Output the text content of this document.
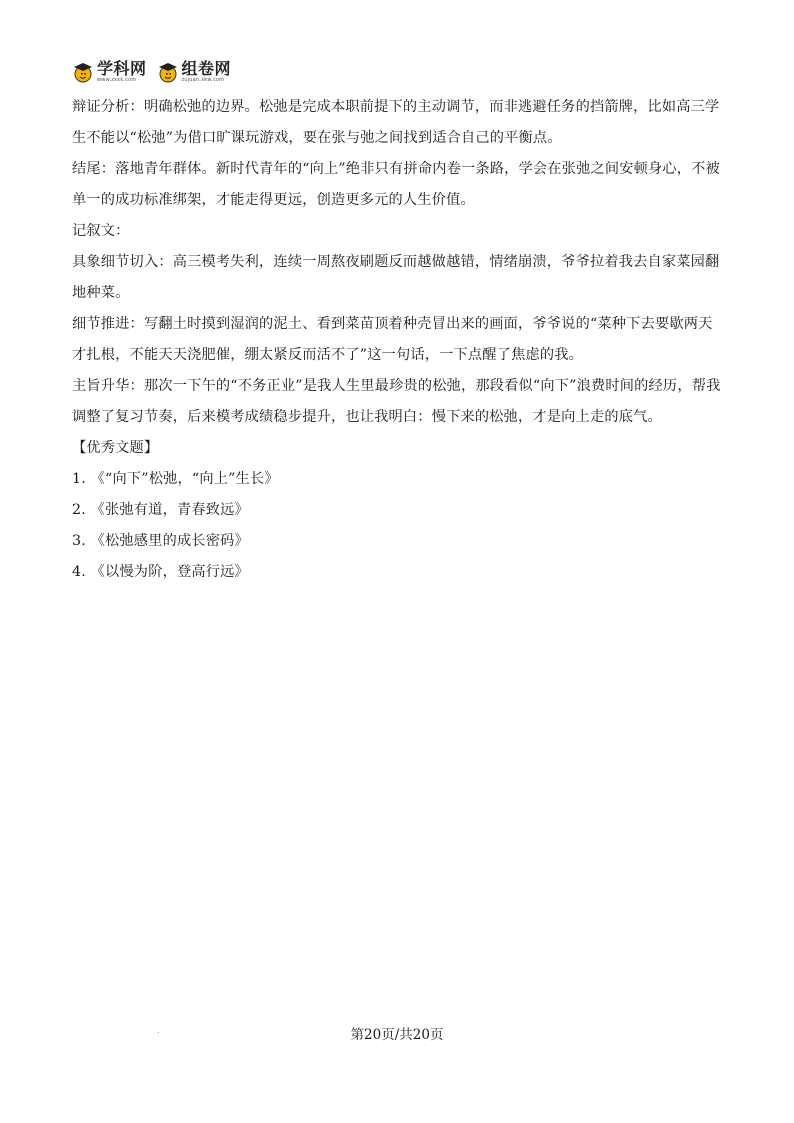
学科网
www.zxxk.com
组卷网
zujuan.xkw.com

辩证分析：明确松弛的边界。松弛是完成本职前提下的主动调节，而非逃避任务的挡箭牌，比如高三学生不能以“松弛”为借口旷课玩游戏，要在张与弛之间找到适合自己的平衡点。

结尾：落地青年群体。新时代青年的“向上”绝非只有拼命内卷一条路，学会在张弛之间安顿身心，不被单一的成功标准绑架，才能走得更远，创造更多元的人生价值。

记叙文：

具象细节切入：高三模考失利，连续一周熬夜刷题反而越做越错，情绪崩溃，爷爷拉着我去自家菜园翻地种菜。

细节推进：写翻土时摸到湿润的泥土、看到菜苗顶着种壳冒出来的画面，爷爷说的“菜种下去要歇两天才扎根，不能天天浇肥催，绷太紧反而活不了”这一句话，一下点醒了焦虑的我。

主旨升华：那次一下午的“不务正业”是我人生里最珍贵的松弛，那段看似“向下”浪费时间的经历，帮我调整了复习节奏，后来模考成绩稳步提升，也让我明白：慢下来的松弛，才是向上走的底气。

【优秀文题】

1. 《“向下”松弛，“向上”生长》

2. 《张弛有道，青春致远》

3. 《松弛感里的成长密码》

4. 《以慢为阶，登高行远》

.	第20页/共20页
